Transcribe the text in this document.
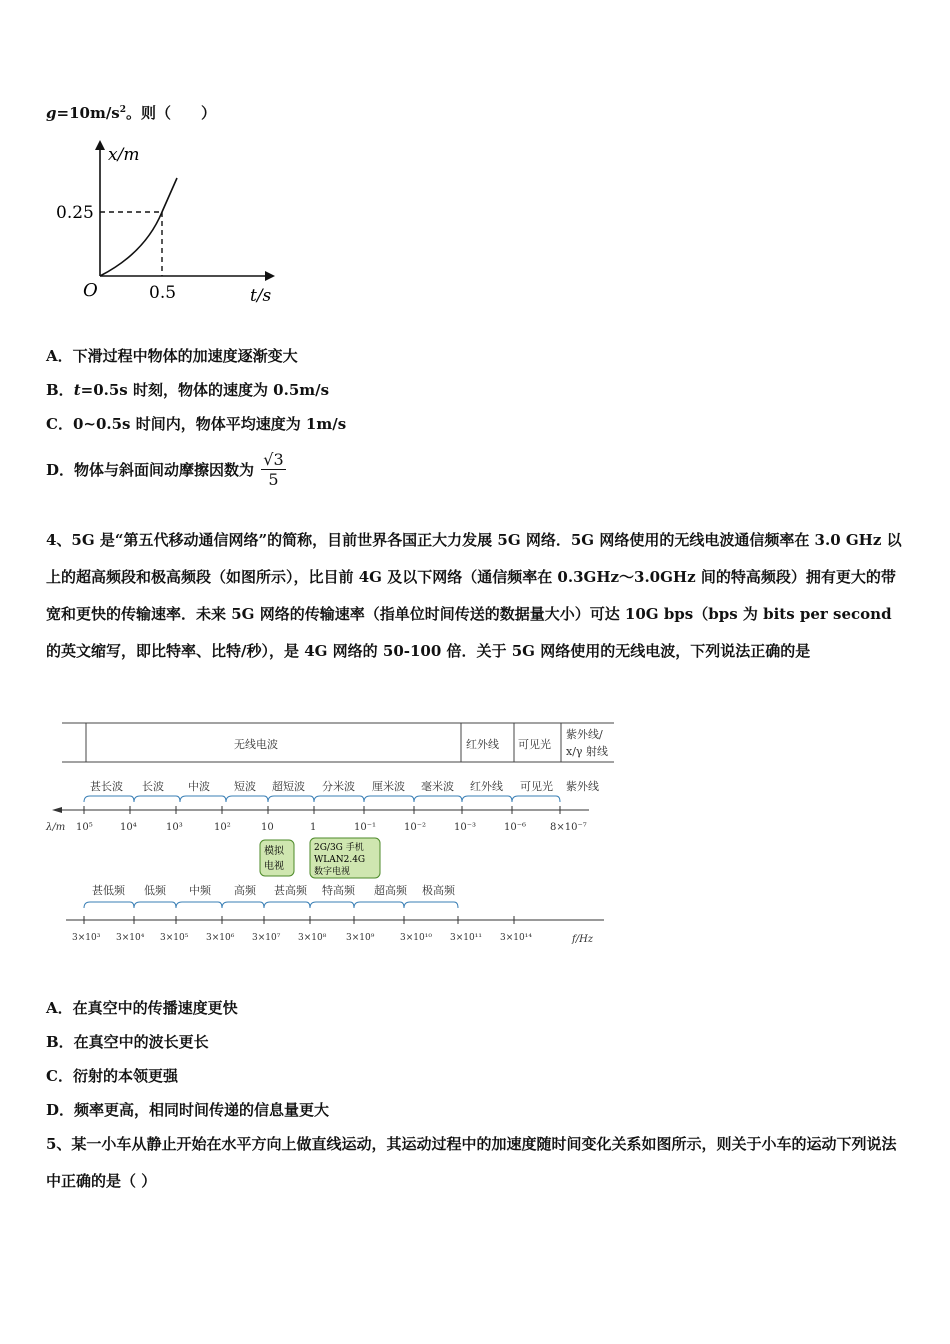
$g=10m/s^2$。则（　　）
x/m
t/s
O
0.25
0.5
A．下滑过程中物体的加速度逐渐变大
B．t=0.5s 时刻，物体的速度为 0.5m/s
C．0~0.5s 时间内，物体平均速度为 1m/s
D．物体与斜面间动摩擦因数为 $\frac{√3}{5}$
4、5G 是“第五代移动通信网络”的简称，目前世界各国正大力发展 5G 网络．5G 网络使用的无线电波通信频率在 3.0 GHz 以上的超高频段和极高频段（如图所示），比目前 4G 及以下网络（通信频率在 0.3GHz～3.0GHz 间的特高频段）拥有更大的带宽和更快的传输速率．未来 5G 网络的传输速率（指单位时间传送的数据量大小）可达 10G bps（bps 为 bits per second 的英文缩写，即比特率、比特/秒），是 4G 网络的 50-100 倍．关于 5G 网络使用的无线电波，下列说法正确的是
无线电波	红外线 可见光
紫外线/
x/γ 射线
甚长波 长波 中波 短波 超短波 分米波 厘米波 毫米波 红外线 可见光 紫外线
λ/m 10⁵	10⁴	10³	10²	10	1	10⁻¹	10⁻²	10⁻³	10⁻⁶ 8×10⁻⁷
模拟
电视
2G/3G 手机
WLAN2.4G
数字电视
甚低频 低频 中频 高频 甚高频 特高频 超高频 极高频
3×10³ 3×10⁴ 3×10⁵ 3×10⁶ 3×10⁷ 3×10⁸ 3×10⁹	3×10¹⁰ 3×10¹¹ 3×10¹⁴	f/Hz
A．在真空中的传播速度更快
B．在真空中的波长更长
C．衍射的本领更强
D．频率更高，相同时间传递的信息量更大
5、某一小车从静止开始在水平方向上做直线运动，其运动过程中的加速度随时间变化关系如图所示，则关于小车的运动下列说法中正确的是（ ）
